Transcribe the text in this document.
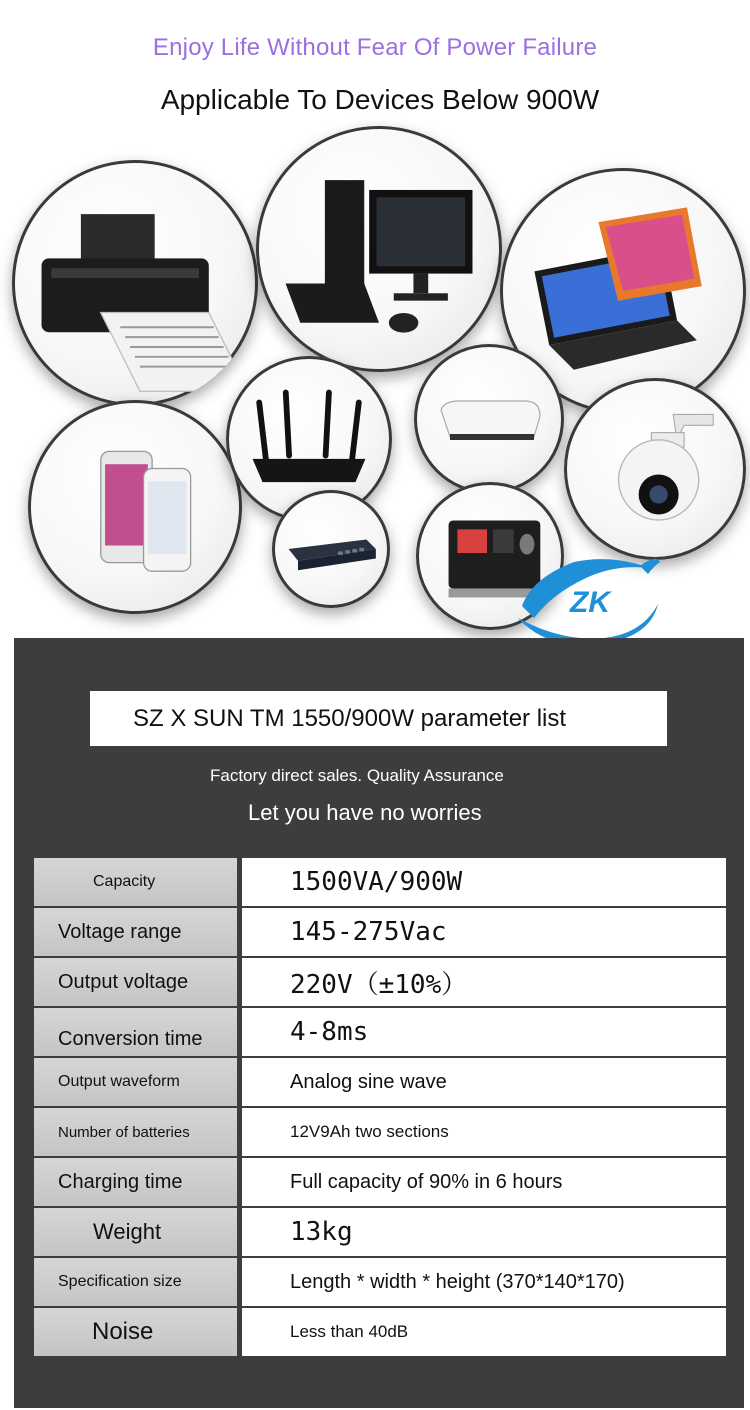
Enjoy Life Without Fear Of Power Failure
Applicable To Devices Below 900W
ZK
SZ X SUN TM 1550/900W parameter list
Factory direct sales. Quality Assurance
Let you have no worries
Capacity	1500VA/900W
Voltage range	145-275Vac
Output voltage	220V（±10%）
Conversion time	4-8ms
Output waveform	Analog sine wave
Number of batteries	12V9Ah two sections
Charging time	Full capacity of 90% in 6 hours
Weight	13kg
Specification size	Length * width * height (370*140*170)
Noise	Less than 40dB
